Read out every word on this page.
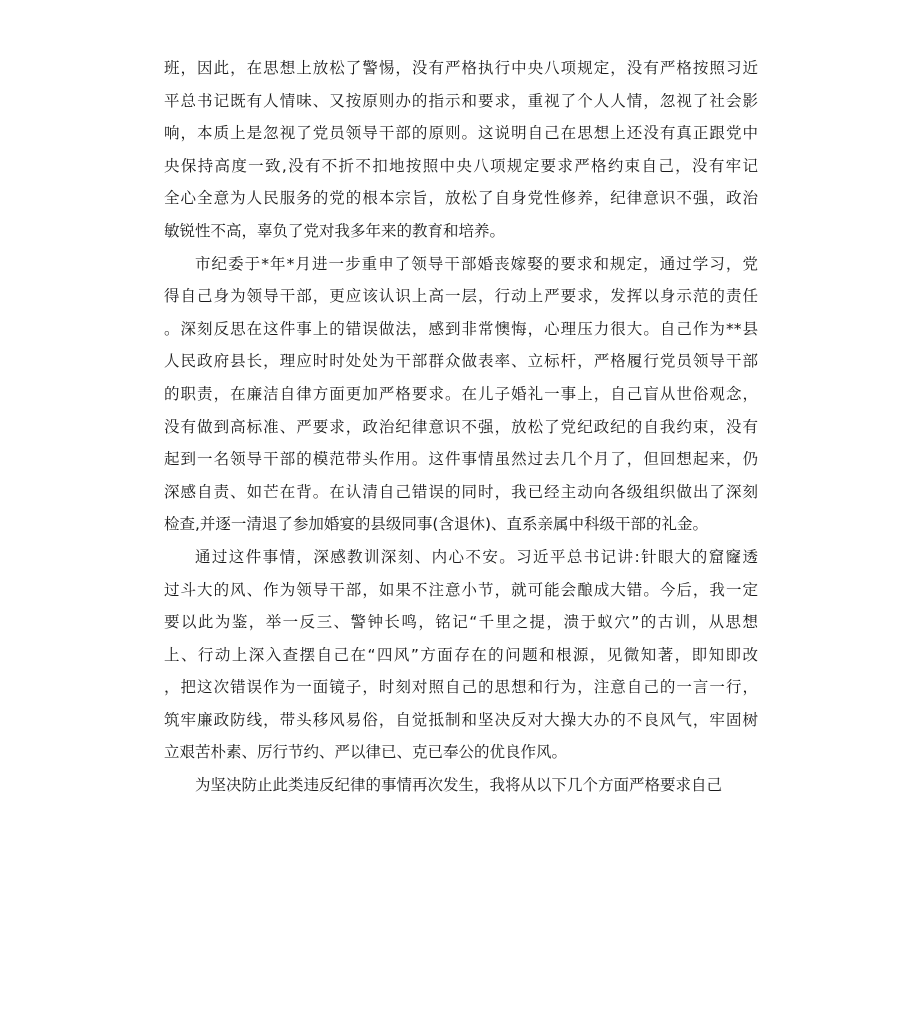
班，因此，在思想上放松了警惕，没有严格执行中央八项规定，没有严格按照习近
平总书记既有人情味、又按原则办的指示和要求，重视了个人人情，忽视了社会影
响，本质上是忽视了党员领导干部的原则。这说明自己在思想上还没有真正跟党中
央保持高度一致,没有不折不扣地按照中央八项规定要求严格约束自己，没有牢记
全心全意为人民服务的党的根本宗旨，放松了自身党性修养，纪律意识不强，政治
敏锐性不高，辜负了党对我多年来的教育和培养。
市纪委于*年*月进一步重申了领导干部婚丧嫁娶的要求和规定，通过学习，党
得自己身为领导干部，更应该认识上高一层，行动上严要求，发挥以身示范的责任
。深刻反思在这件事上的错误做法，感到非常懊悔，心理压力很大。自己作为**县
人民政府县长，理应时时处处为干部群众做表率、立标杆，严格履行党员领导干部
的职责，在廉洁自律方面更加严格要求。在儿子婚礼一事上，自己盲从世俗观念，
没有做到高标准、严要求，政治纪律意识不强，放松了党纪政纪的自我约束，没有
起到一名领导干部的模范带头作用。这件事情虽然过去几个月了，但回想起来，仍
深感自责、如芒在背。在认清自己错误的同时，我已经主动向各级组织做出了深刻
检查,并逐一清退了参加婚宴的县级同事(含退休)、直系亲属中科级干部的礼金。
通过这件事情，深感教训深刻、内心不安。习近平总书记讲:针眼大的窟窿透
过斗大的风、作为领导干部，如果不注意小节，就可能会酿成大错。今后，我一定
要以此为鉴，举一反三、警钟长鸣，铭记“千里之提，溃于蚁穴”的古训，从思想
上、行动上深入查摆自己在“四风”方面存在的问题和根源，见微知著，即知即改
，把这次错误作为一面镜子，时刻对照自己的思想和行为，注意自己的一言一行，
筑牢廉政防线，带头移风易俗，自觉抵制和坚决反对大操大办的不良风气，牢固树
立艰苦朴素、厉行节约、严以律已、克已奉公的优良作风。
为坚决防止此类违反纪律的事情再次发生，我将从以下几个方面严格要求自己
